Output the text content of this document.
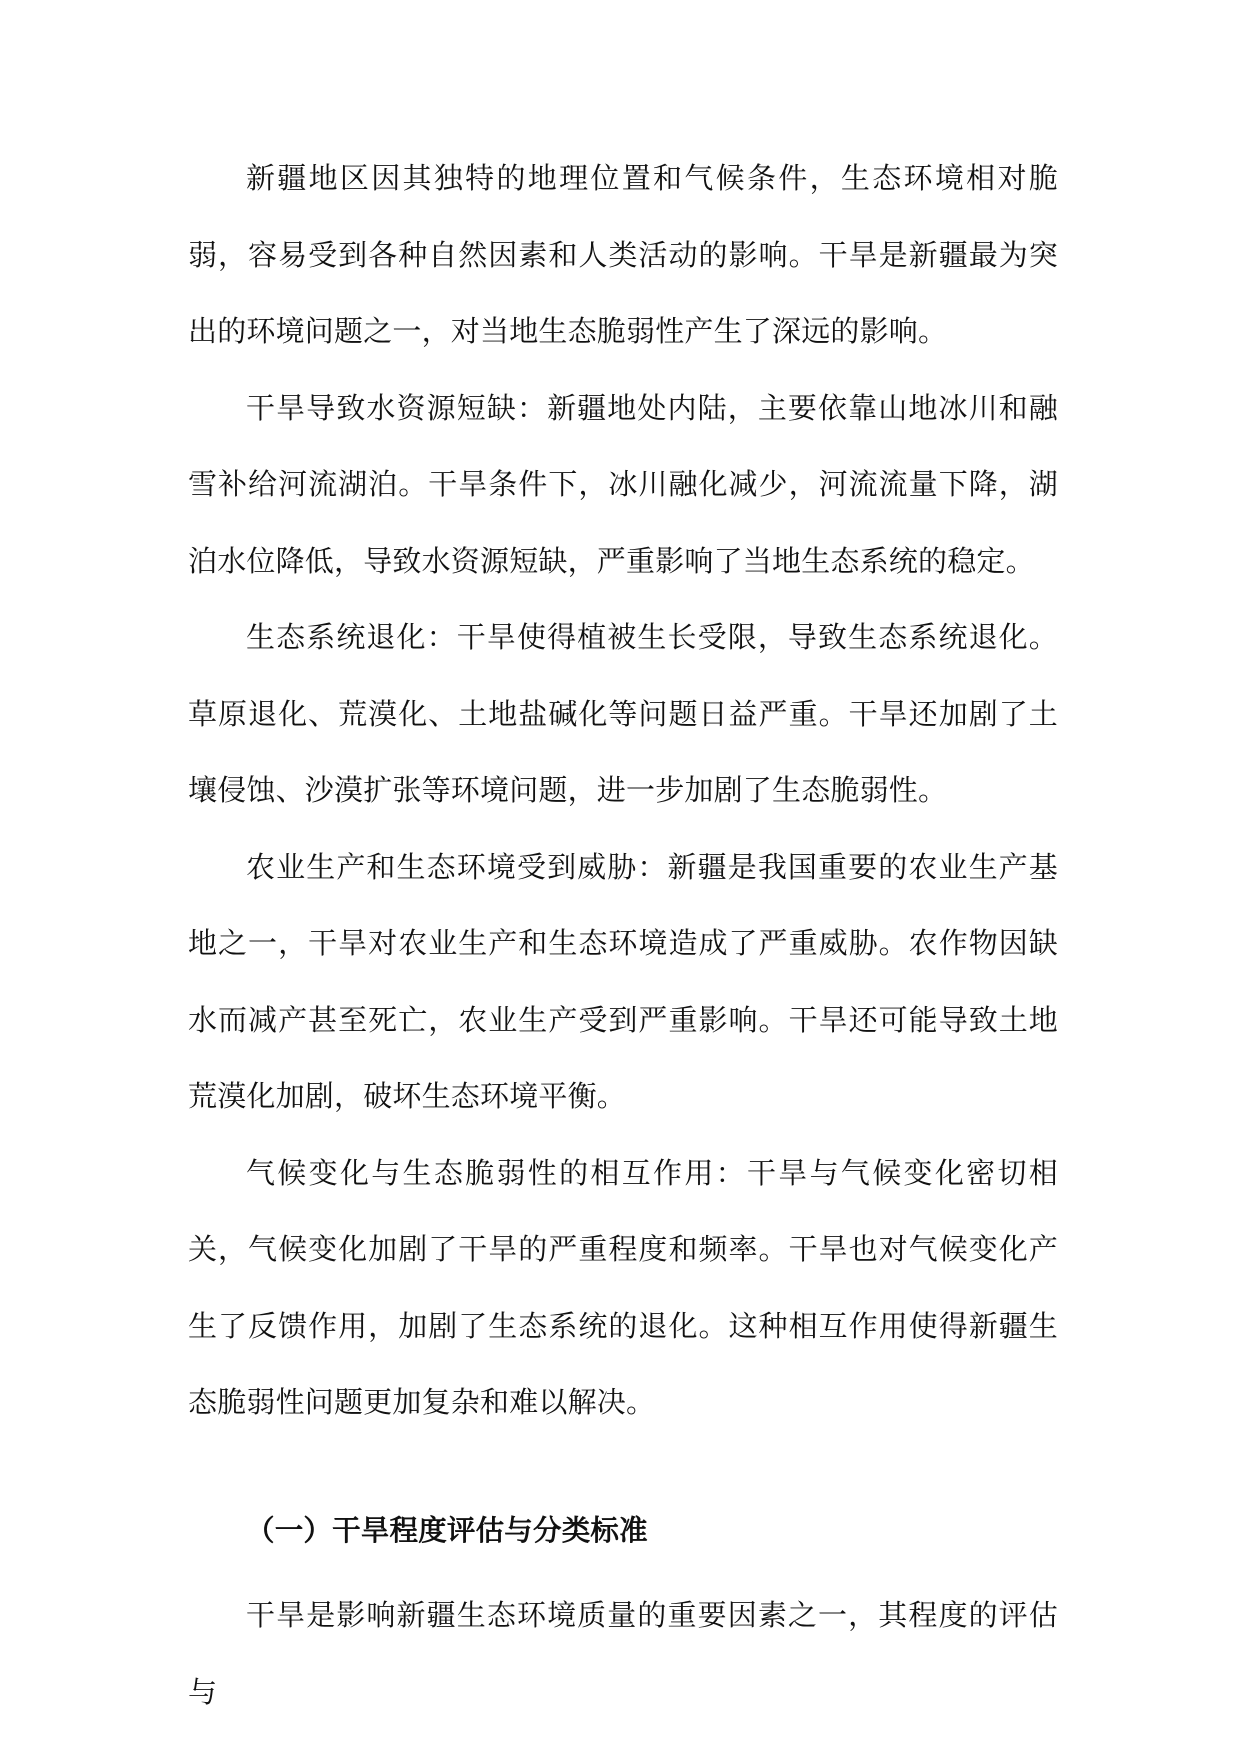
新疆地区因其独特的地理位置和气候条件，生态环境相对脆弱，容易受到各种自然因素和人类活动的影响。干旱是新疆最为突出的环境问题之一，对当地生态脆弱性产生了深远的影响。

干旱导致水资源短缺：新疆地处内陆，主要依靠山地冰川和融雪补给河流湖泊。干旱条件下，冰川融化减少，河流流量下降，湖泊水位降低，导致水资源短缺，严重影响了当地生态系统的稳定。

生态系统退化：干旱使得植被生长受限，导致生态系统退化。草原退化、荒漠化、土地盐碱化等问题日益严重。干旱还加剧了土壤侵蚀、沙漠扩张等环境问题，进一步加剧了生态脆弱性。

农业生产和生态环境受到威胁：新疆是我国重要的农业生产基地之一，干旱对农业生产和生态环境造成了严重威胁。农作物因缺水而减产甚至死亡，农业生产受到严重影响。干旱还可能导致土地荒漠化加剧，破坏生态环境平衡。

气候变化与生态脆弱性的相互作用：干旱与气候变化密切相关，气候变化加剧了干旱的严重程度和频率。干旱也对气候变化产生了反馈作用，加剧了生态系统的退化。这种相互作用使得新疆生态脆弱性问题更加复杂和难以解决。

（一）干旱程度评估与分类标准

干旱是影响新疆生态环境质量的重要因素之一，其程度的评估与
